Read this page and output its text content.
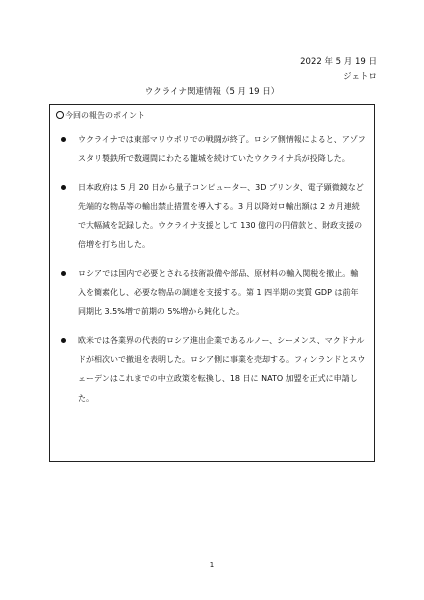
2022 年 5 月 19 日
ジェトロ
ウクライナ関連情報（5 月 19 日）
今回の報告のポイント
ウクライナでは東部マリウポリでの戦闘が終了。ロシア側情報によると、アゾフスタリ製鉄所で数週間にわたる籠城を続けていたウクライナ兵が投降した。
日本政府は 5 月 20 日から量子コンピューター、3D プリンタ、電子顕微鏡など先端的な物品等の輸出禁止措置を導入する。3 月以降対ロ輸出額は 2 カ月連続で大幅減を記録した。ウクライナ支援として 130 億円の円借款と、財政支援の倍増を打ち出した。
ロシアでは国内で必要とされる技術設備や部品、原材料の輸入関税を撤止。輸入を簡素化し、必要な物品の調達を支援する。第 1 四半期の実質 GDP は前年同期比 3.5%増で前期の 5%増から鈍化した。
欧米では各業界の代表的ロシア進出企業であるルノー、シーメンス、マクドナルドが相次いで撤退を表明した。ロシア側に事業を売却する。フィンランドとスウェーデンはこれまでの中立政策を転換し、18 日に NATO 加盟を正式に申請した。
1
